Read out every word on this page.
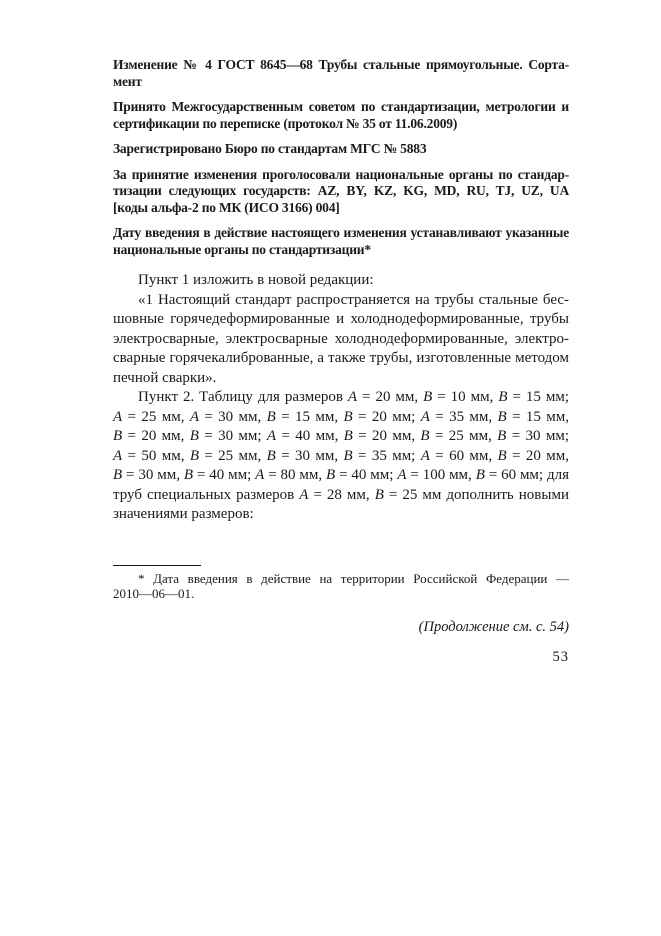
Изменение № 4 ГОСТ 8645—68 Трубы стальные прямоугольные. Сорта-
мент
Принято Межгосударственным советом по стандартизации, метрологии и
сертификации по переписке (протокол № 35 от 11.06.2009)
Зарегистрировано Бюро по стандартам МГС № 5883
За принятие изменения проголосовали национальные органы по стандар-
тизации следующих государств: AZ, BY, KZ, KG, MD, RU, TJ, UZ, UA
[коды альфа-2 по МК (ИСО 3166) 004]
Дату введения в действие настоящего изменения устанавливают указанные
национальные органы по стандартизации*
Пункт 1 изложить в новой редакции:
«1 Настоящий стандарт распространяется на трубы стальные бес-
шовные горячедеформированные и холоднодеформированные, трубы
электросварные, электросварные холоднодеформированные, электро-
сварные горячекалиброванные, а также трубы, изготовленные методом
печной сварки».
Пункт 2. Таблицу для размеров A = 20 мм, B = 10 мм, B = 15 мм;
A = 25 мм, A = 30 мм, B = 15 мм, B = 20 мм; A = 35 мм, B = 15 мм,
B = 20 мм, B = 30 мм; A = 40 мм, B = 20 мм, B = 25 мм, B = 30 мм;
A = 50 мм, B = 25 мм, B = 30 мм, B = 35 мм; A = 60 мм, B = 20 мм,
B = 30 мм, B = 40 мм; A = 80 мм, B = 40 мм; A = 100 мм, B = 60 мм; для
труб специальных размеров A = 28 мм, B = 25 мм дополнить новыми
значениями размеров:
* Дата введения в действие на территории Российской Федерации —
2010—06—01.
(Продолжение см. с. 54)
53
